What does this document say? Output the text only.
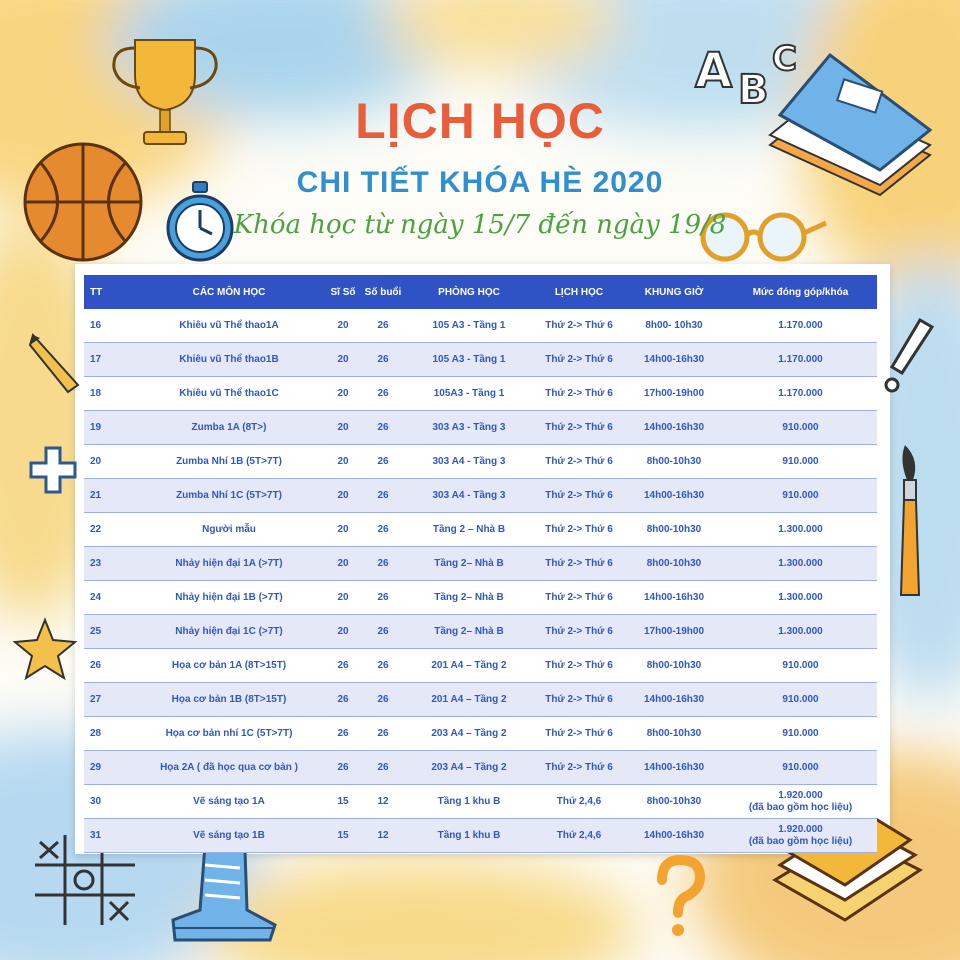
A B
C
LỊCH HỌC
CHI TIẾT KHÓA HÈ 2020
Khóa học từ ngày 15/7 đến ngày 19/8
TT	CÁC MÔN HỌC	Sĩ Số	Số buổi	PHÒNG HỌC	LỊCH HỌC	KHUNG GIỜ	Mức đóng góp/khóa
16	Khiêu vũ Thể thao1A	20	26	105 A3 - Tầng 1	Thứ 2-> Thứ 6	8h00- 10h30	1.170.000
17	Khiêu vũ Thể thao1B	20	26	105 A3 - Tầng 1	Thứ 2-> Thứ 6	14h00-16h30	1.170.000
18	Khiêu vũ Thể thao1C	20	26	105A3 - Tầng 1	Thứ 2-> Thứ 6	17h00-19h00	1.170.000
19	Zumba 1A (8T>)	20	26	303 A3 - Tầng 3	Thứ 2-> Thứ 6	14h00-16h30	910.000
20	Zumba Nhí 1B (5T>7T)	20	26	303 A4 - Tầng 3	Thứ 2-> Thứ 6	8h00-10h30	910.000
21	Zumba Nhí 1C (5T>7T)	20	26	303 A4 - Tầng 3	Thứ 2-> Thứ 6	14h00-16h30	910.000
22	Người mẫu	20	26	Tầng 2 – Nhà B	Thứ 2-> Thứ 6	8h00-10h30	1.300.000
23	Nhảy hiện đại 1A (>7T)	20	26	Tầng 2– Nhà B	Thứ 2-> Thứ 6	8h00-10h30	1.300.000
24	Nhảy hiện đại 1B (>7T)	20	26	Tầng 2– Nhà B	Thứ 2-> Thứ 6	14h00-16h30	1.300.000
25	Nhảy hiện đại 1C (>7T)	20	26	Tầng 2– Nhà B	Thứ 2-> Thứ 6	17h00-19h00	1.300.000
26	Họa cơ bản 1A (8T>15T)	26	26	201 A4 – Tầng 2	Thứ 2-> Thứ 6	8h00-10h30	910.000
27	Họa cơ bản 1B (8T>15T)	26	26	201 A4 – Tầng 2	Thứ 2-> Thứ 6	14h00-16h30	910.000
28	Họa cơ bản nhí 1C (5T>7T)	26	26	203 A4 – Tầng 2	Thứ 2-> Thứ 6	8h00-10h30	910.000
29	Họa 2A ( đã học qua cơ bản )	26	26	203 A4 – Tầng 2	Thứ 2-> Thứ 6	14h00-16h30	910.000
30	Vẽ sáng tạo 1A	15	12	Tầng 1 khu B	Thứ 2,4,6	8h00-10h30	1.920.000
(đã bao gồm học liệu)

31	Vẽ sáng tạo 1B	15	12	Tầng 1 khu B	Thứ 2,4,6	14h00-16h30	1.920.000
(đã bao gồm học liệu)
